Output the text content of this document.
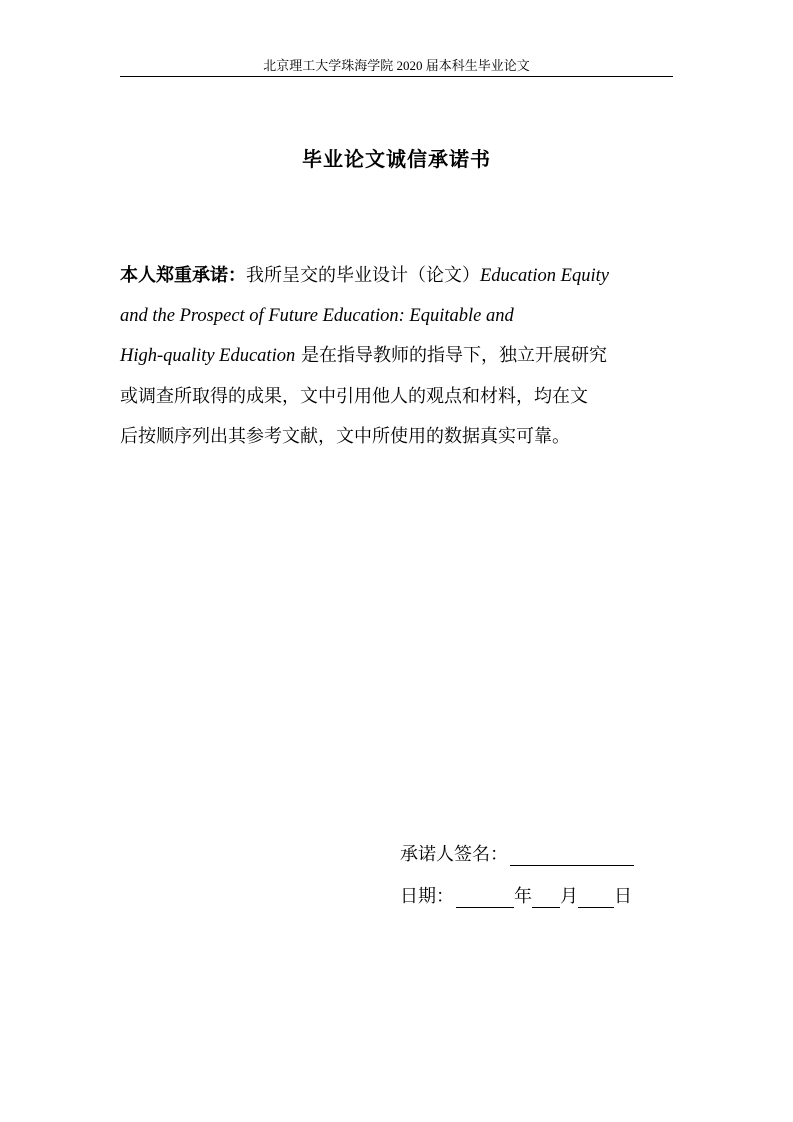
北京理工大学珠海学院 2020 届本科生毕业论文
毕业论文诚信承诺书
本人郑重承诺：我所呈交的毕业设计（论文）Education Equity
and the Prospect of Future Education: Equitable and
High-quality Education 是在指导教师的指导下，独立开展研究
或调查所取得的成果，文中引用他人的观点和材料，均在文
后按顺序列出其参考文献，文中所使用的数据真实可靠。
承诺人签名：
日期：	年 月 日
